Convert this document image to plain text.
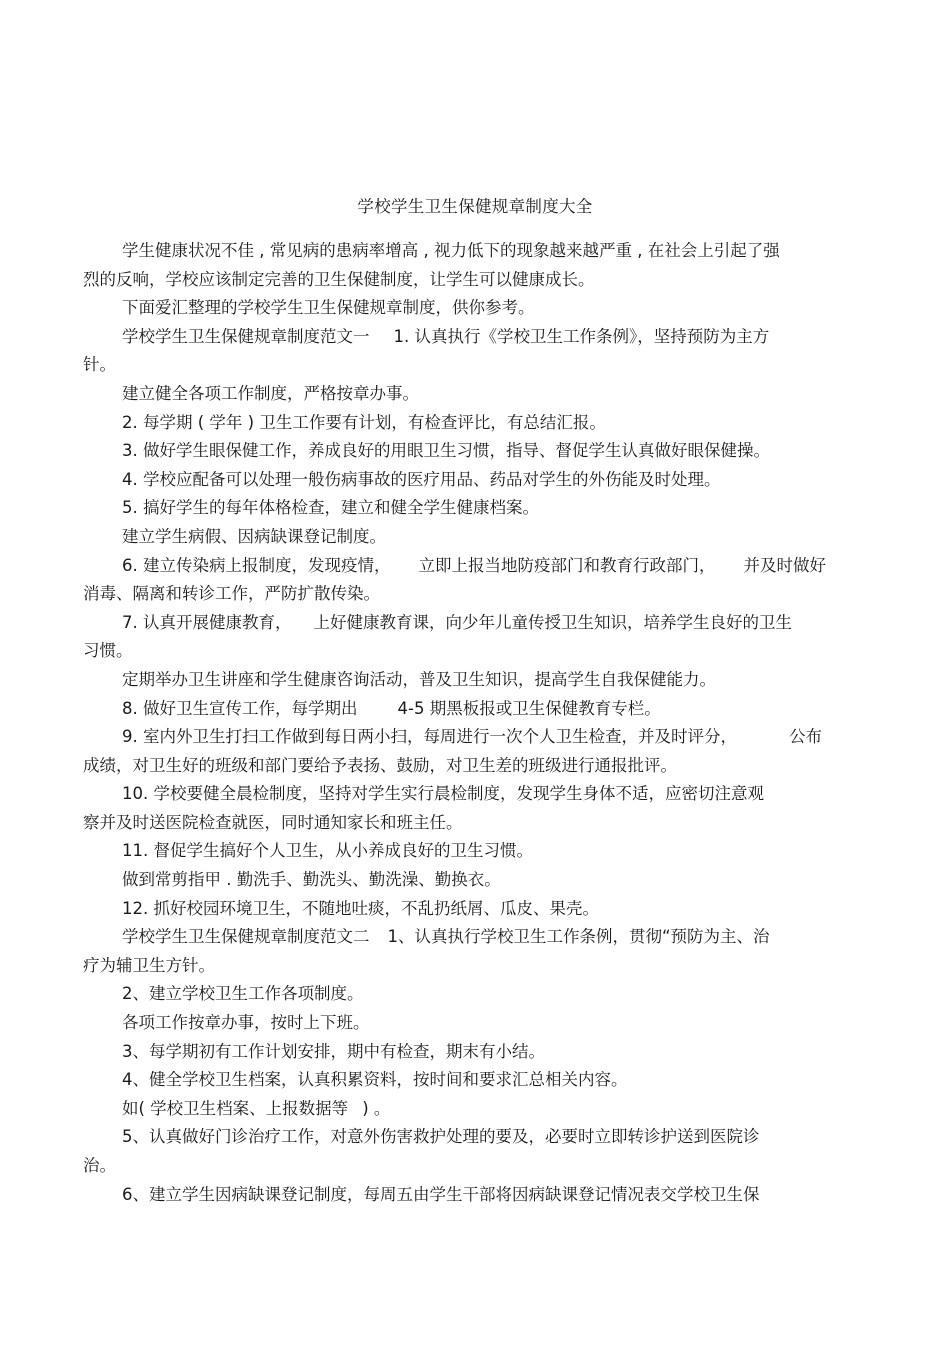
学校学生卫生保健规章制度大全
学生健康状况不佳 , 常见病的患病率增高 , 视力低下的现象越来越严重 , 在社会上引起了强
烈的反响，学校应该制定完善的卫生保健制度，让学生可以健康成长。
下面爱汇整理的学校学生卫生保健规章制度，供你参考。
学校学生卫生保健规章制度范文一 1. 认真执行《学校卫生工作条例》，坚持预防为主方
针。
建立健全各项工作制度，严格按章办事。
2. 每学期 ( 学年 ) 卫生工作要有计划，有检查评比，有总结汇报。
3. 做好学生眼保健工作，养成良好的用眼卫生习惯，指导、督促学生认真做好眼保健操。
4. 学校应配备可以处理一般伤病事故的医疗用品、药品对学生的外伤能及时处理。
5. 搞好学生的每年体格检查，建立和健全学生健康档案。
建立学生病假、因病缺课登记制度。
6. 建立传染病上报制度，发现疫情， 立即上报当地防疫部门和教育行政部门， 并及时做好
消毒、隔离和转诊工作，严防扩散传染。
7. 认真开展健康教育， 上好健康教育课，向少年儿童传授卫生知识，培养学生良好的卫生
习惯。
定期举办卫生讲座和学生健康咨询活动，普及卫生知识，提高学生自我保健能力。
8. 做好卫生宣传工作，每学期出 4-5 期黑板报或卫生保健教育专栏。
9. 室内外卫生打扫工作做到每日两小扫，每周进行一次个人卫生检查，并及时评分，	公布
成绩，对卫生好的班级和部门要给予表扬、鼓励，对卫生差的班级进行通报批评。
10. 学校要健全晨检制度，坚持对学生实行晨检制度，发现学生身体不适，应密切注意观
察并及时送医院检查就医，同时通知家长和班主任。
11. 督促学生搞好个人卫生，从小养成良好的卫生习惯。
做到常剪指甲 . 勤洗手、勤洗头、勤洗澡、勤换衣。
12. 抓好校园环境卫生，不随地吐痰，不乱扔纸屑、瓜皮、果壳。
学校学生卫生保健规章制度范文二 1、认真执行学校卫生工作条例，贯彻“预防为主、治
疗为辅卫生方针。
2、建立学校卫生工作各项制度。
各项工作按章办事，按时上下班。
3、每学期初有工作计划安排，期中有检查，期末有小结。
4、健全学校卫生档案，认真积累资料，按时间和要求汇总相关内容。
如( 学校卫生档案、上报数据等 ) 。
5、认真做好门诊治疗工作，对意外伤害救护处理的要及，必要时立即转诊护送到医院诊
治。
6、建立学生因病缺课登记制度，每周五由学生干部将因病缺课登记情况表交学校卫生保
